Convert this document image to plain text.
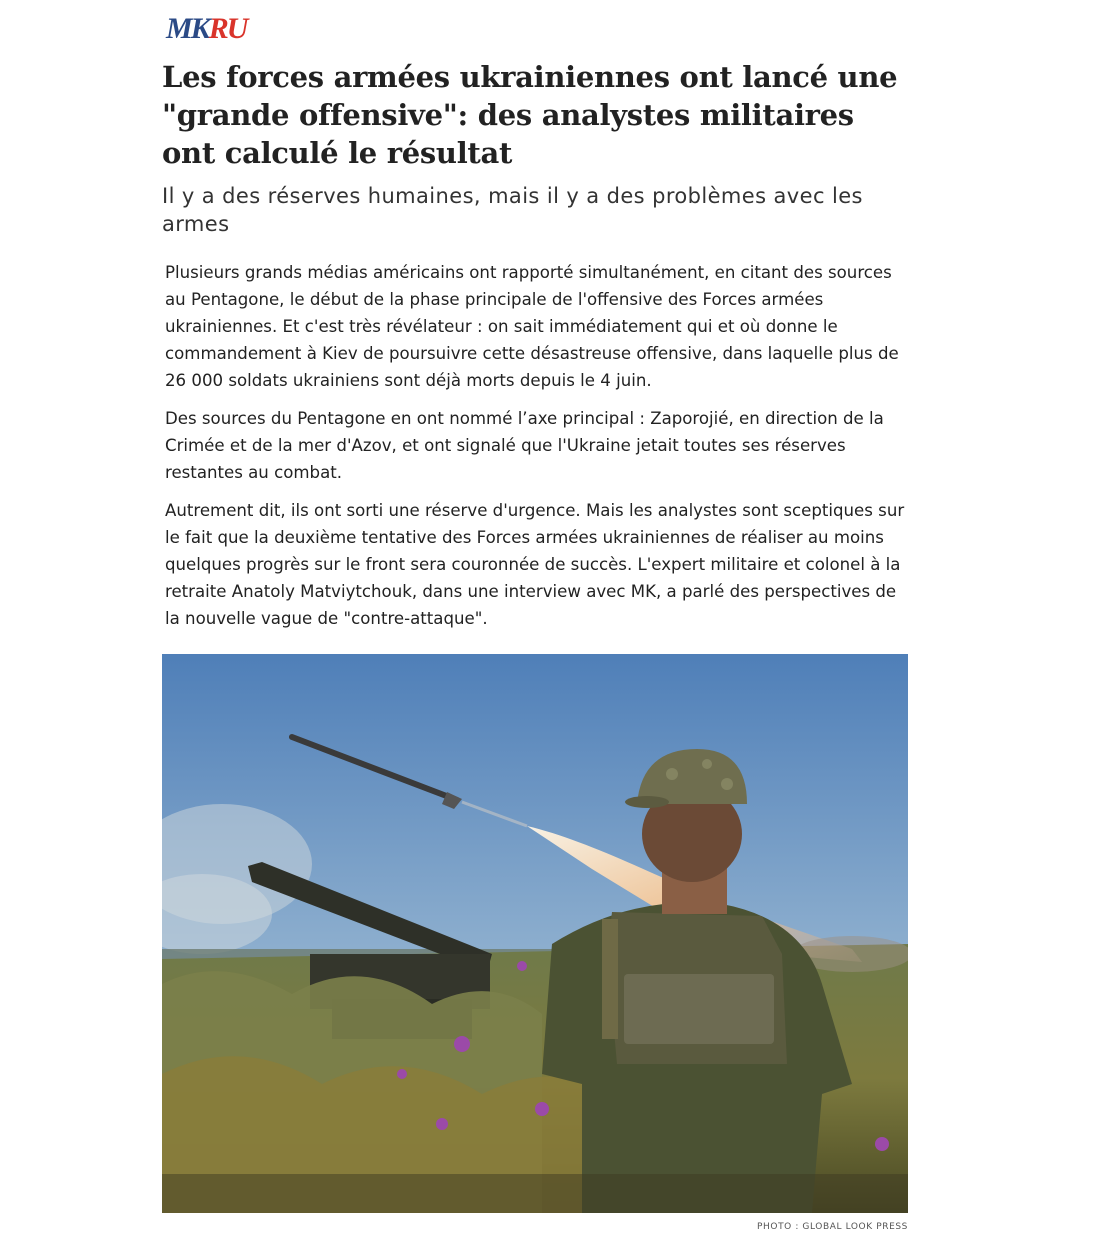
MK RU
Les forces armées ukrainiennes ont lancé une "grande offensive": des analystes militaires ont calculé le résultat

Il y a des réserves humaines, mais il y a des problèmes avec les armes

Plusieurs grands médias américains ont rapporté simultanément, en citant des sources au Pentagone, le début de la phase principale de l'offensive des Forces armées ukrainiennes. Et c'est très révélateur : on sait immédiatement qui et où donne le commandement à Kiev de poursuivre cette désastreuse offensive, dans laquelle plus de 26 000 soldats ukrainiens sont déjà morts depuis le 4 juin.

Des sources du Pentagone en ont nommé l’axe principal : Zaporojié, en direction de la Crimée et de la mer d'Azov, et ont signalé que l'Ukraine jetait toutes ses réserves restantes au combat.

Autrement dit, ils ont sorti une réserve d'urgence. Mais les analystes sont sceptiques sur le fait que la deuxième tentative des Forces armées ukrainiennes de réaliser au moins quelques progrès sur le front sera couronnée de succès. L'expert militaire et colonel à la retraite Anatoly Matviytchouk, dans une interview avec MK, a parlé des perspectives de la nouvelle vague de "contre-attaque".

PHOTO : GLOBAL LOOK PRESS
